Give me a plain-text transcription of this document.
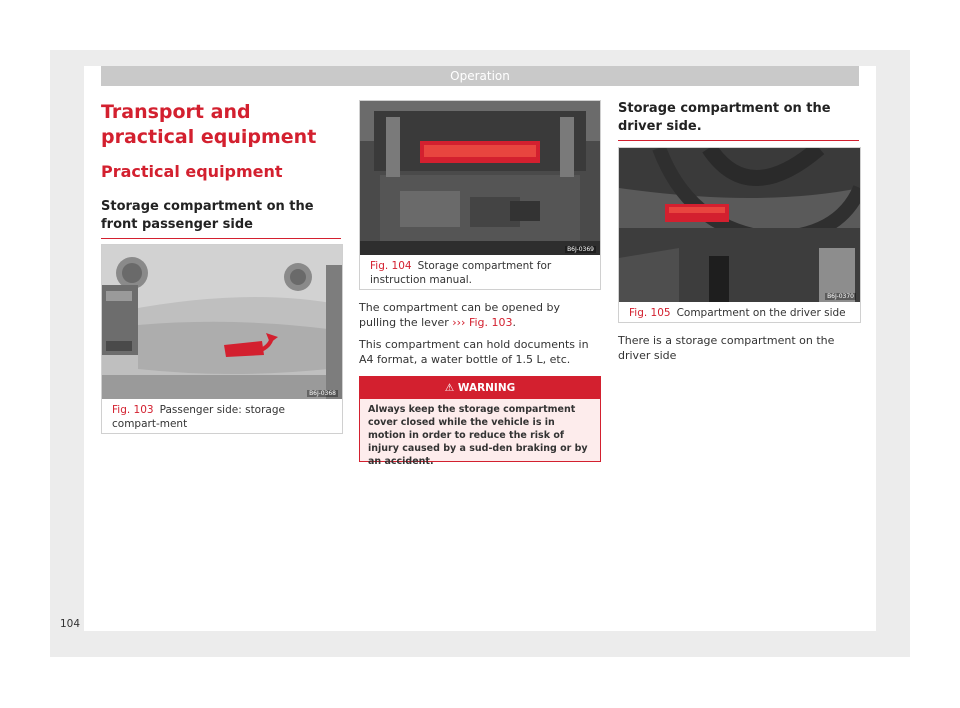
Operation
Transport and practical equipment
Practical equipment
Storage compartment on the front passenger side
B6J-0368
Fig. 103 Passenger side: storage compart-ment
B6J-0369
Fig. 104 Storage compartment for instruction manual.

The compartment can be opened by pulling the lever ››› Fig. 103.

This compartment can hold documents in A4 format, a water bottle of 1.5 L, etc.

⚠ WARNING
Always keep the storage compartment cover closed while the vehicle is in motion in order to reduce the risk of injury caused by a sud-den braking or by an accident.
Storage compartment on the driver side.
B6J-0370
Fig. 105 Compartment on the driver side

There is a storage compartment on the driver side

104
